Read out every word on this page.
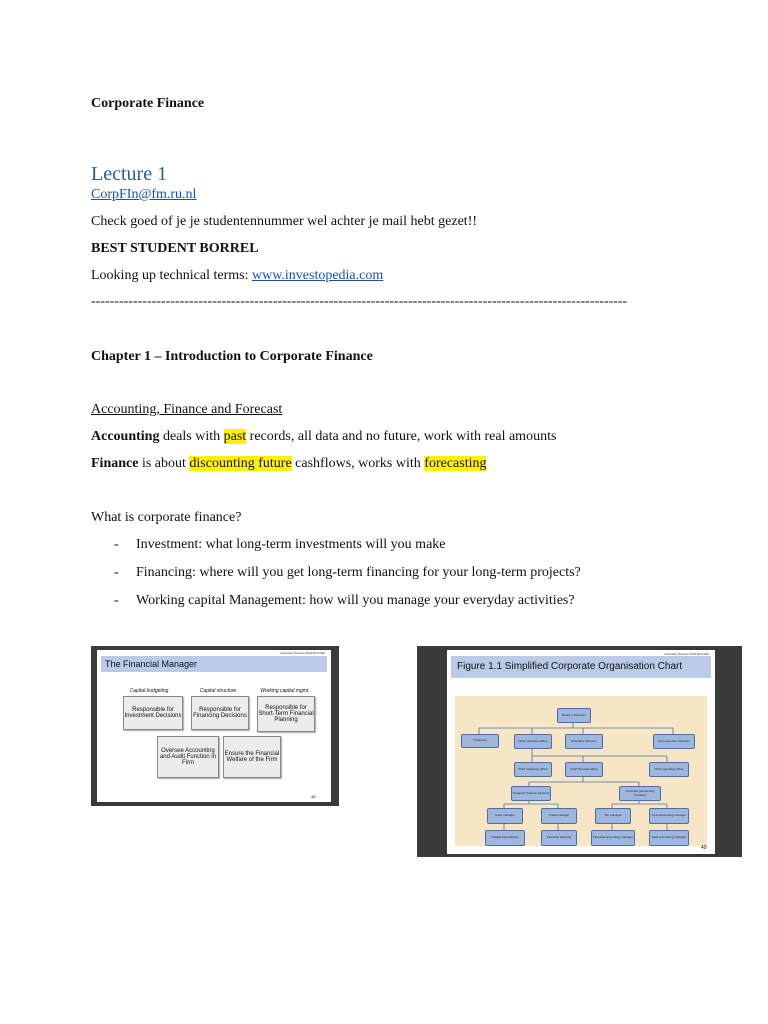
Corporate Finance
Lecture 1
CorpFIn@fm.ru.nl
Check goed of je je studentennummer wel achter je mail hebt gezet!!
BEST STUDENT BORREL
Looking up technical terms: www.investopedia.com
-------------------------------------------------------------------------------------------------------------------
Chapter 1 – Introduction to Corporate Finance
Accounting, Finance and Forecast
Accounting deals with past records, all data and no future, work with real amounts
Finance is about discounting future cashflows, works with forecasting
What is corporate finance?
- Investment: what long-term investments will you make
- Financing: where will you get long-term financing for your long-term projects?
- Working capital Management: how will you manage your everyday activities?
Corporate Finance MAN BCU/SDI
The Financial Manager
Capital budgeting	Capital structure	Working capital mgmt.
Responsible for Investment Decisions
Responsible for Financing Decisions
Responsible for Short-Term Financial Planning
Oversee Accounting and Audit Function in Firm
Ensure the Financial Welfare of the Firm
48
Corporate Finance MAN BCU/SDI
Figure 1.1 Simplified Corporate Organisation Chart
Board of directors
Chairman	Chief executive officer	Executive directors	Non-executive directors
Chief marketing officer	Chief financial officer	Chief operating officer
Treasurer (finance function)	Controller (accounting function)
Cash manager	Credit manager	Tax manager	Cost accounting manager
Capital expenditures	Financial planning	Financial accounting manager	Data processing manager
49
